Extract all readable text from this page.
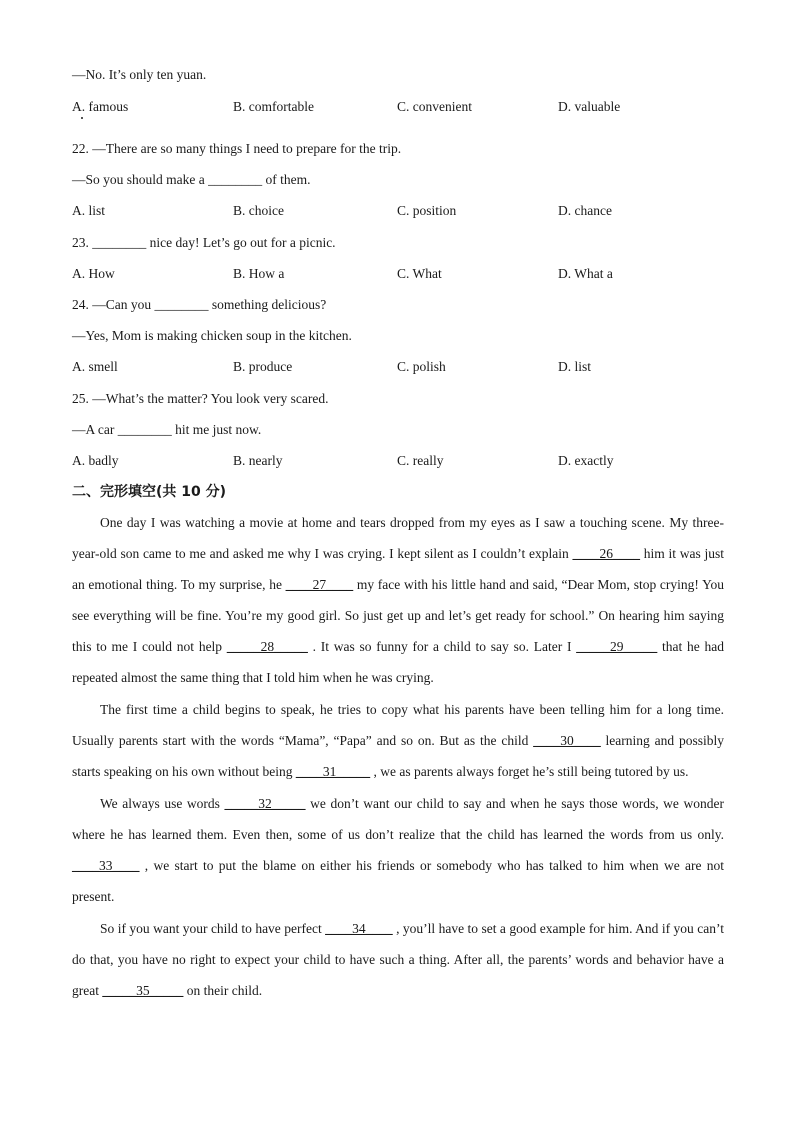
—No. It’s only ten yuan.
A. famous	B. comfortable	C. convenient	D. valuable
22. —There are so many things I need to prepare for the trip.
—So you should make a ________ of them.
A. list	B. choice	C. position	D. chance
23. ________ nice day! Let’s go out for a picnic.
A. How	B. How a	C. What	D. What a
24. —Can you ________ something delicious?
—Yes, Mom is making chicken soup in the kitchen.
A. smell	B. produce	C. polish	D. list
25. —What’s the matter? You look very scared.
—A car ________ hit me just now.
A. badly	B. nearly	C. really	D. exactly
二、完形填空(共 10 分)

One day I was watching a movie at home and tears dropped from my eyes as I saw a touching scene. My three-year-old son came to me and asked me why I was crying. I kept silent as I couldn’t explain ____26____ him it was just an emotional thing. To my surprise, he ____27____ my face with his little hand and said, “Dear Mom, stop crying! You see everything will be fine. You’re my good girl. So just get up and let’s get ready for school.” On hearing him saying this to me I could not help _____28_____ . It was so funny for a child to say so. Later I _____29_____ that he had repeated almost the same thing that I told him when he was crying.

The first time a child begins to speak, he tries to copy what his parents have been telling him for a long time. Usually parents start with the words “Mama”, “Papa” and so on. But as the child ____30____ learning and possibly starts speaking on his own without being ____31_____ , we as parents always forget he’s still being tutored by us.

We always use words _____32_____ we don’t want our child to say and when he says those words, we wonder where he has learned them. Even then, some of us don’t realize that the child has learned the words from us only. ____33____ , we start to put the blame on either his friends or somebody who has talked to him when we are not present.

So if you want your child to have perfect ____34____ , you’ll have to set a good example for him. And if you can’t do that, you have no right to expect your child to have such a thing. After all, the parents’ words and behavior have a great _____35_____ on their child.
